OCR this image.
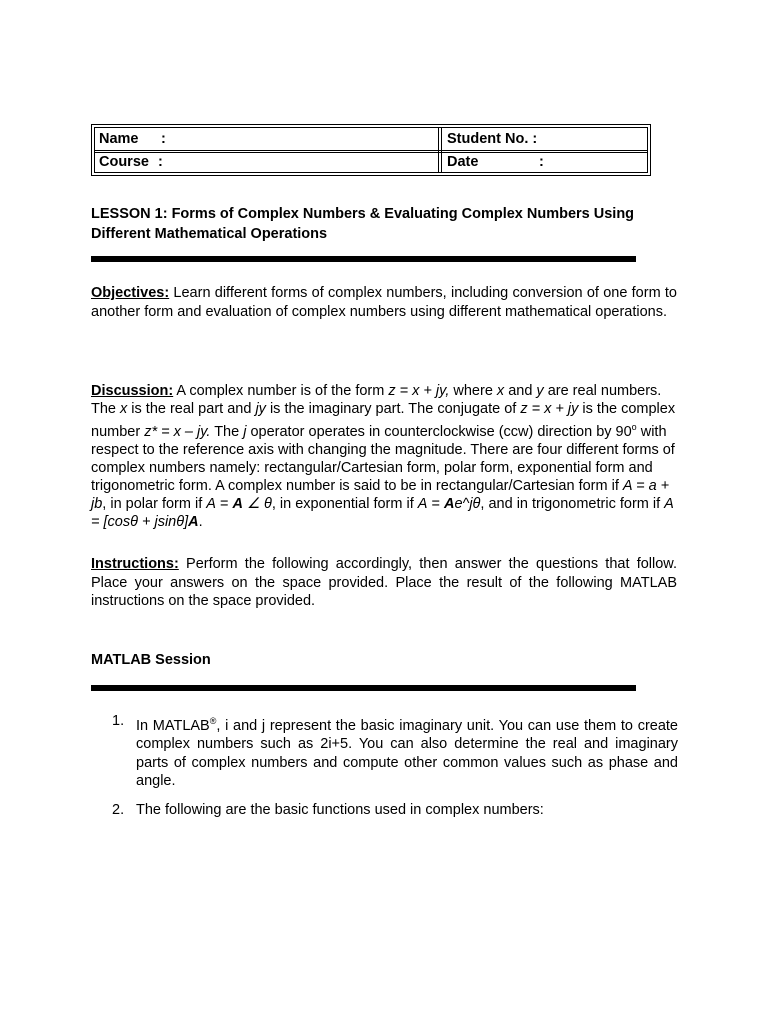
Name :	Student No. :
Course :	Date	:
LESSON 1: Forms of Complex Numbers & Evaluating Complex Numbers Using
Different Mathematical Operations
Objectives: Learn different forms of complex numbers, including conversion of one form to another form and evaluation of complex numbers using different mathematical operations.
Discussion: A complex number is of the form z = x + jy, where x and y are real numbers. The x is the real part and jy is the imaginary part. The conjugate of z = x + jy is the complex number z* = x – jy. The j operator operates in counterclockwise (ccw) direction by 90$^o$ with respect to the reference axis with changing the magnitude. There are four different forms of complex numbers namely: rectangular/Cartesian form, polar form, exponential form and trigonometric form. A complex number is said to be in rectangular/Cartesian form if A = a + jb, in polar form if A = A ∠ θ, in exponential form if A = Ae^jθ, and in trigonometric form if A = [cosθ + jsinθ]A.
Instructions: Perform the following accordingly, then answer the questions that follow. Place your answers on the space provided. Place the result of the following MATLAB instructions on the space provided.
MATLAB Session
1. In MATLAB®, i and j represent the basic imaginary unit. You can use them to create complex numbers such as 2i+5. You can also determine the real and imaginary parts of complex numbers and compute other common values such as phase and angle.
2. The following are the basic functions used in complex numbers:
